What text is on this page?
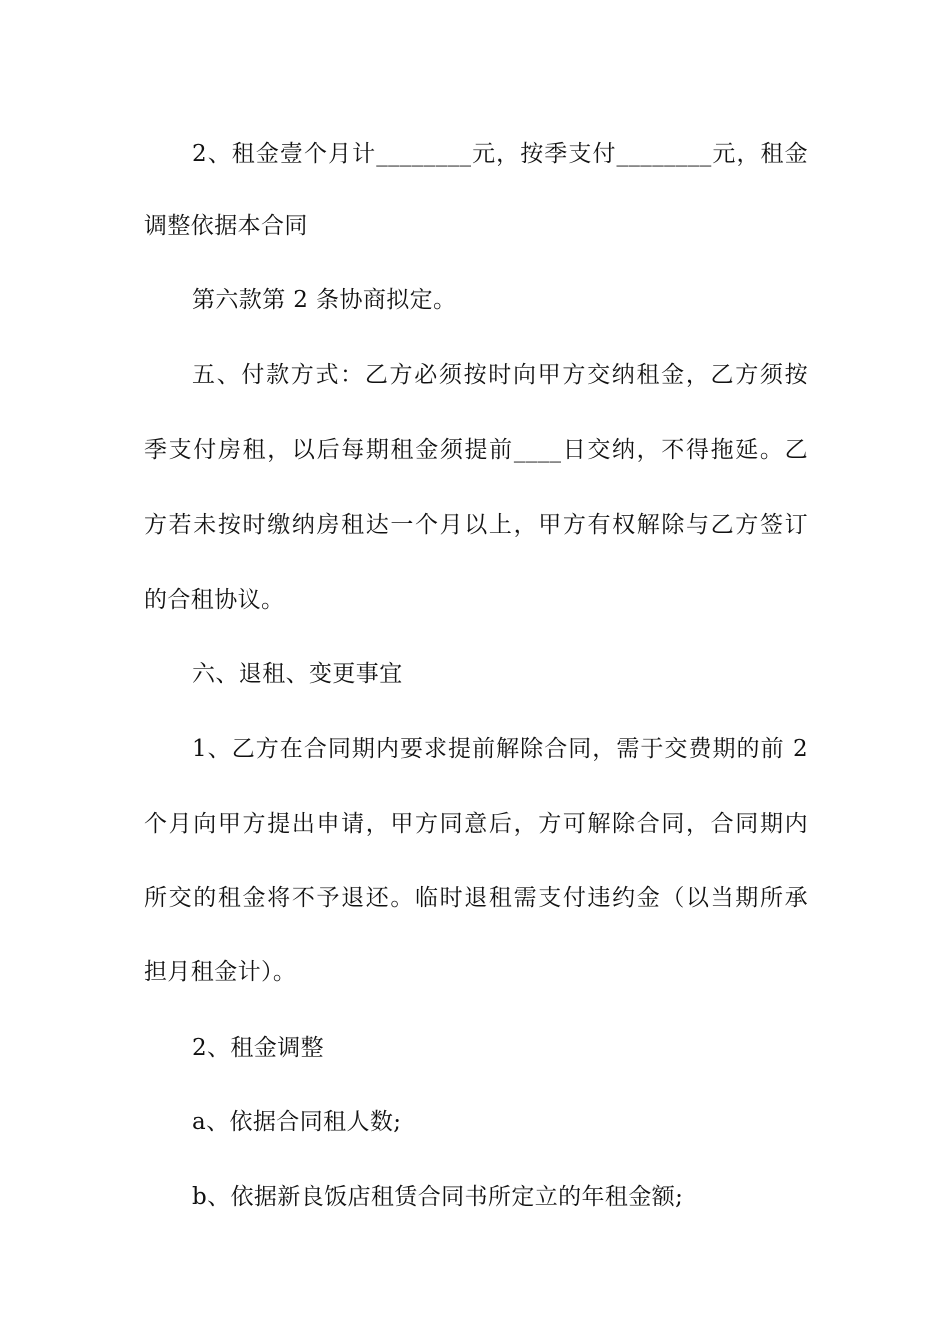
2、租金壹个月计________元，按季支付________元，租金
调整依据本合同
第六款第 2 条协商拟定。
五、付款方式：乙方必须按时向甲方交纳租金，乙方须按
季支付房租，以后每期租金须提前____日交纳，不得拖延。乙
方若未按时缴纳房租达一个月以上，甲方有权解除与乙方签订
的合租协议。
六、退租、变更事宜
1、乙方在合同期内要求提前解除合同，需于交费期的前 2
个月向甲方提出申请，甲方同意后，方可解除合同，合同期内
所交的租金将不予退还。临时退租需支付违约金（以当期所承
担月租金计）。
2、租金调整
a、依据合同租人数;
b、依据新良饭店租赁合同书所定立的年租金额;
